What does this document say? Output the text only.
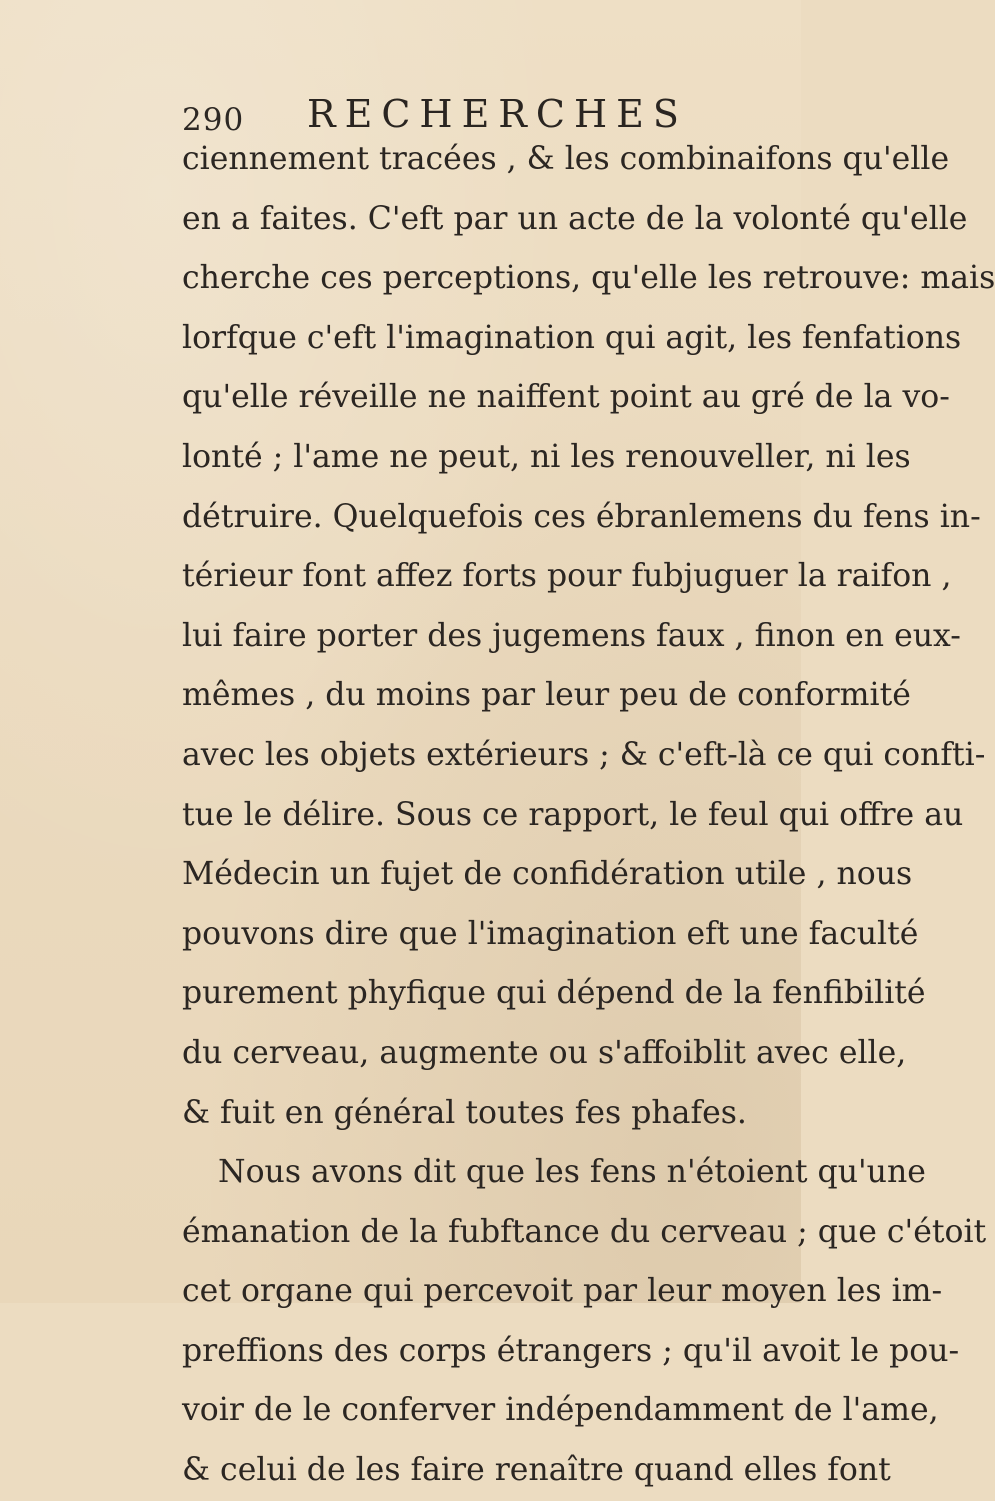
290 RECHERCHES
ciennement tracées , & les combinaifons qu'elle
en a faites. C'eft par un acte de la volonté qu'elle
cherche ces perceptions, qu'elle les retrouve: mais
lorfque c'eft l'imagination qui agit, les fenfations
qu'elle réveille ne naiffent point au gré de la vo-
lonté ; l'ame ne peut, ni les renouveller, ni les
détruire. Quelquefois ces ébranlemens du fens in-
térieur font affez forts pour fubjuguer la raifon ,
lui faire porter des jugemens faux , finon en eux-
mêmes , du moins par leur peu de conformité
avec les objets extérieurs ; & c'eft-là ce qui confti-
tue le délire. Sous ce rapport, le feul qui offre au
Médecin un fujet de confidération utile , nous
pouvons dire que l'imagination eft une faculté
purement phyfique qui dépend de la fenfibilité
du cerveau, augmente ou s'affoiblit avec elle,
& fuit en général toutes fes phafes.
Nous avons dit que les fens n'étoient qu'une
émanation de la fubftance du cerveau ; que c'étoit
cet organe qui percevoit par leur moyen les im-
preffions des corps étrangers ; qu'il avoit le pou-
voir de le conferver indépendamment de l'ame,
& celui de les faire renaître quand elles font
